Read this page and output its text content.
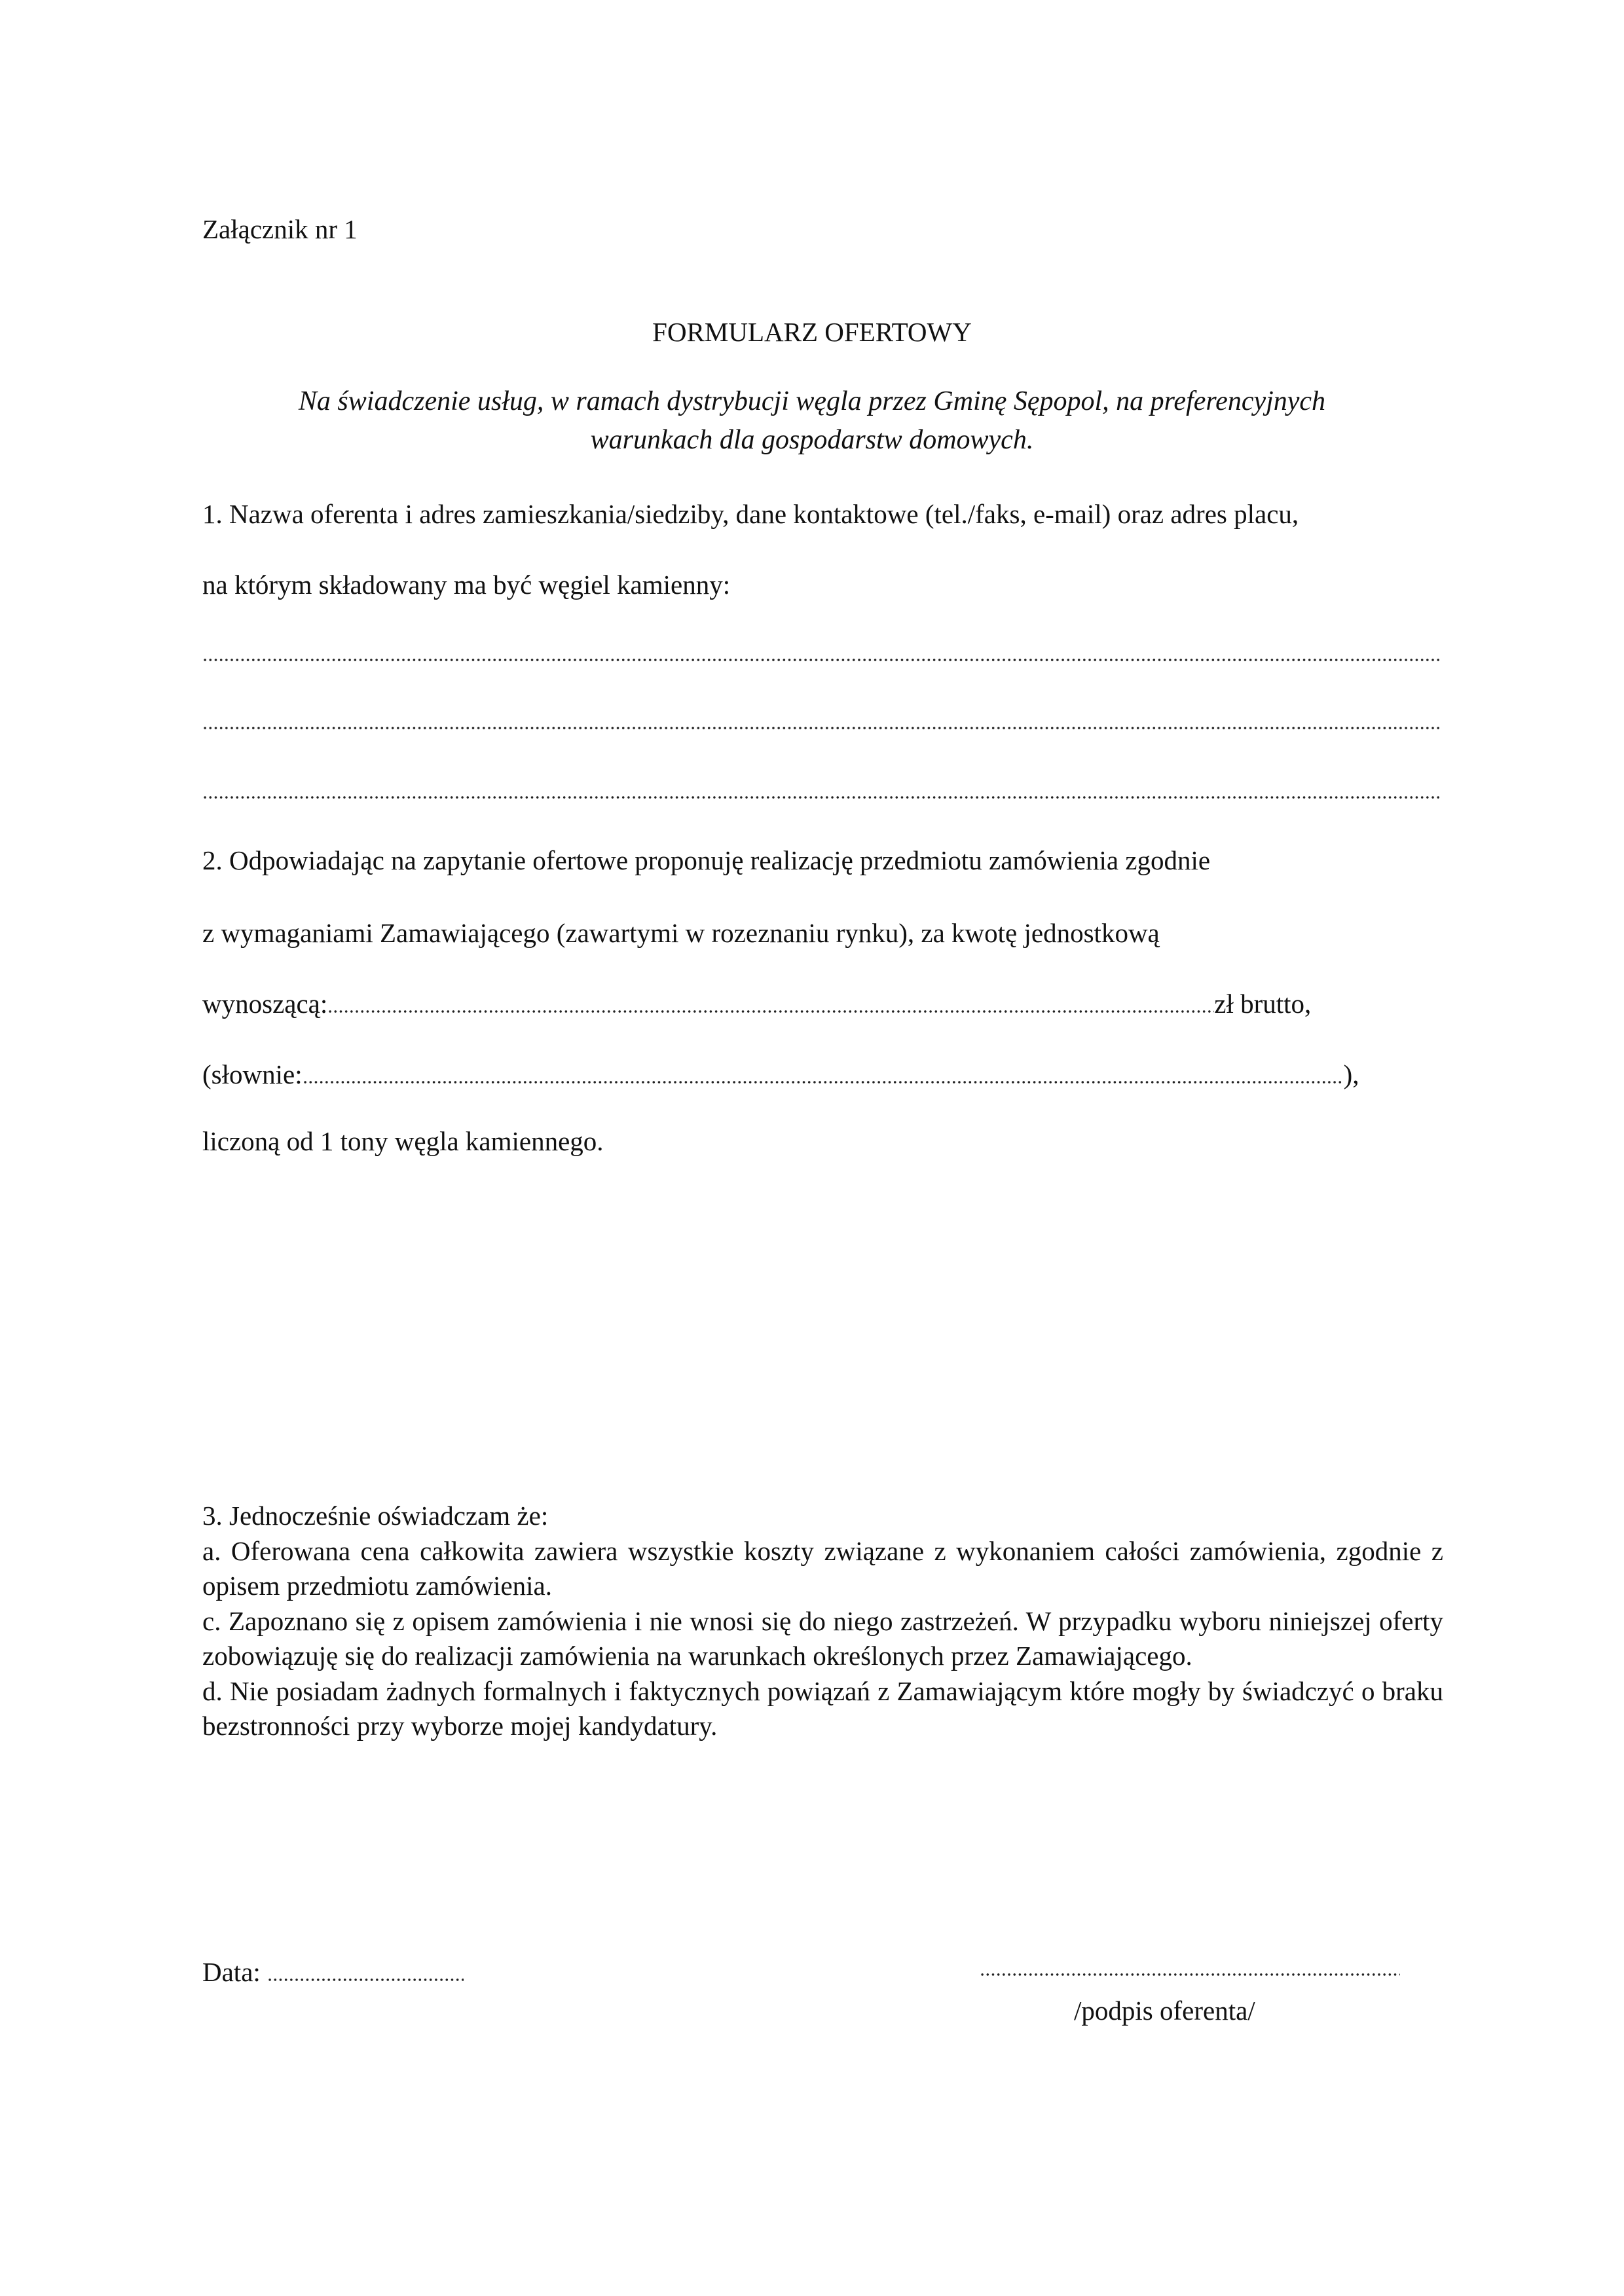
Załącznik nr 1
FORMULARZ OFERTOWY
Na świadczenie usług, w ramach dystrybucji węgla przez Gminę Sępopol, na preferencyjnych
warunkach dla gospodarstw domowych.
1. Nazwa oferenta i adres zamieszkania/siedziby, dane kontaktowe (tel./faks, e-mail) oraz adres placu,
na którym składowany ma być węgiel kamienny:
2. Odpowiadając na zapytanie ofertowe proponuję realizację przedmiotu zamówienia zgodnie
z wymaganiami Zamawiającego (zawartymi w rozeznaniu rynku), za kwotę jednostkową
wynoszącą:	zł brutto,
(słownie:	),
liczoną od 1 tony węgla kamiennego.

3. Jednocześnie oświadczam że:

a. Oferowana cena całkowita zawiera wszystkie koszty związane z wykonaniem całości zamówienia, zgodnie z opisem przedmiotu zamówienia.

c. Zapoznano się z opisem zamówienia i nie wnosi się do niego zastrzeżeń. W przypadku wyboru niniejszej oferty zobowiązuję się do realizacji zamówienia na warunkach określonych przez Zamawiającego.

d. Nie posiadam żadnych formalnych i faktycznych powiązań z Zamawiającym które mogły by świadczyć o braku bezstronności przy wyborze mojej kandydatury.

Data:
/podpis oferenta/
